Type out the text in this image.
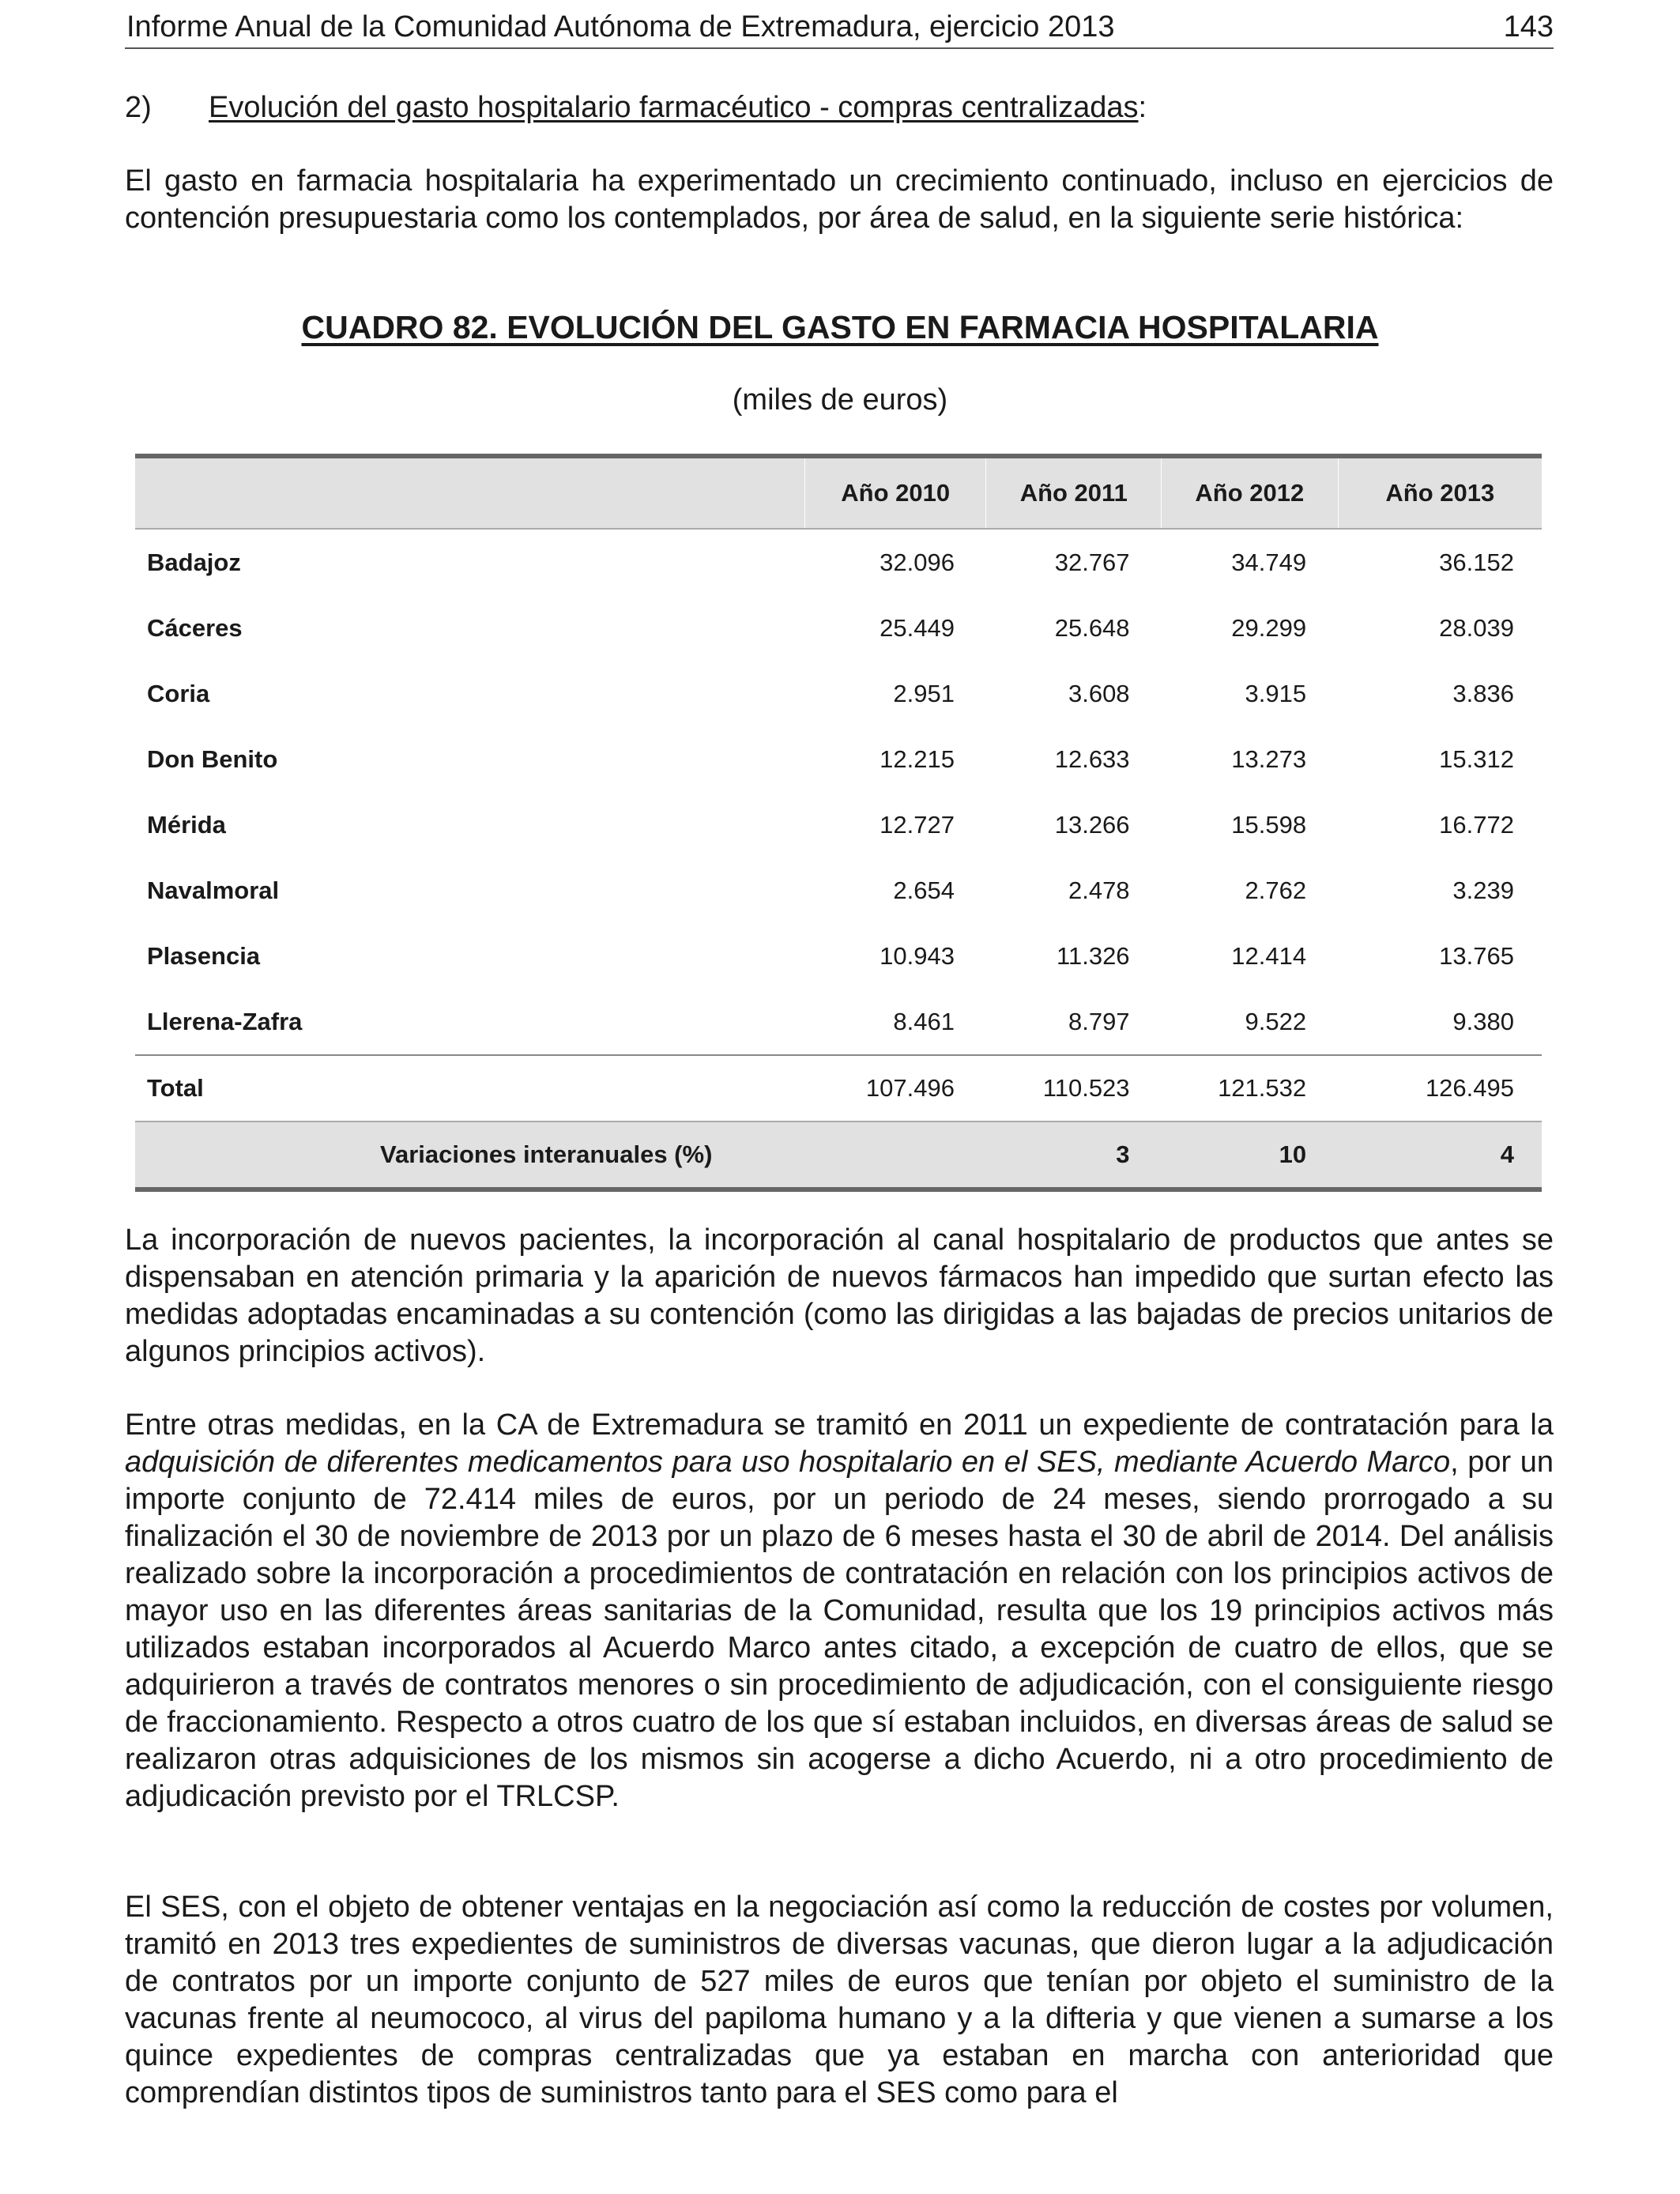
Informe Anual de la Comunidad Autónoma de Extremadura, ejercicio 2013	143
2) Evolución del gasto hospitalario farmacéutico - compras centralizadas:
El gasto en farmacia hospitalaria ha experimentado un crecimiento continuado, incluso en ejercicios de contención presupuestaria como los contemplados, por área de salud, en la siguiente serie histórica:
CUADRO 82. EVOLUCIÓN DEL GASTO EN FARMACIA HOSPITALARIA
(miles de euros)
	Año 2010	Año 2011	Año 2012	Año 2013
Badajoz	32.096	32.767	34.749	36.152
Cáceres	25.449	25.648	29.299	28.039
Coria	2.951	3.608	3.915	3.836
Don Benito	12.215	12.633	13.273	15.312
Mérida	12.727	13.266	15.598	16.772
Navalmoral	2.654	2.478	2.762	3.239
Plasencia	10.943	11.326	12.414	13.765
Llerena-Zafra	8.461	8.797	9.522	9.380
Total	107.496	110.523	121.532	126.495
Variaciones interanuales (%)		3	10	4
La incorporación de nuevos pacientes, la incorporación al canal hospitalario de productos que antes se dispensaban en atención primaria y la aparición de nuevos fármacos han impedido que surtan efecto las medidas adoptadas encaminadas a su contención (como las dirigidas a las bajadas de precios unitarios de algunos principios activos).
Entre otras medidas, en la CA de Extremadura se tramitó en 2011 un expediente de contratación para la adquisición de diferentes medicamentos para uso hospitalario en el SES, mediante Acuerdo Marco, por un importe conjunto de 72.414 miles de euros, por un periodo de 24 meses, siendo prorrogado a su finalización el 30 de noviembre de 2013 por un plazo de 6 meses hasta el 30 de abril de 2014. Del análisis realizado sobre la incorporación a procedimientos de contratación en relación con los principios activos de mayor uso en las diferentes áreas sanitarias de la Comunidad, resulta que los 19 principios activos más utilizados estaban incorporados al Acuerdo Marco antes citado, a excepción de cuatro de ellos, que se adquirieron a través de contratos menores o sin procedimiento de adjudicación, con el consiguiente riesgo de fraccionamiento. Respecto a otros cuatro de los que sí estaban incluidos, en diversas áreas de salud se realizaron otras adquisiciones de los mismos sin acogerse a dicho Acuerdo, ni a otro procedimiento de adjudicación previsto por el TRLCSP.
El SES, con el objeto de obtener ventajas en la negociación así como la reducción de costes por volumen, tramitó en 2013 tres expedientes de suministros de diversas vacunas, que dieron lugar a la adjudicación de contratos por un importe conjunto de 527 miles de euros que tenían por objeto el suministro de la vacunas frente al neumococo, al virus del papiloma humano y a la difteria y que vienen a sumarse a los quince expedientes de compras centralizadas que ya estaban en marcha con anterioridad que comprendían distintos tipos de suministros tanto para el SES como para el
